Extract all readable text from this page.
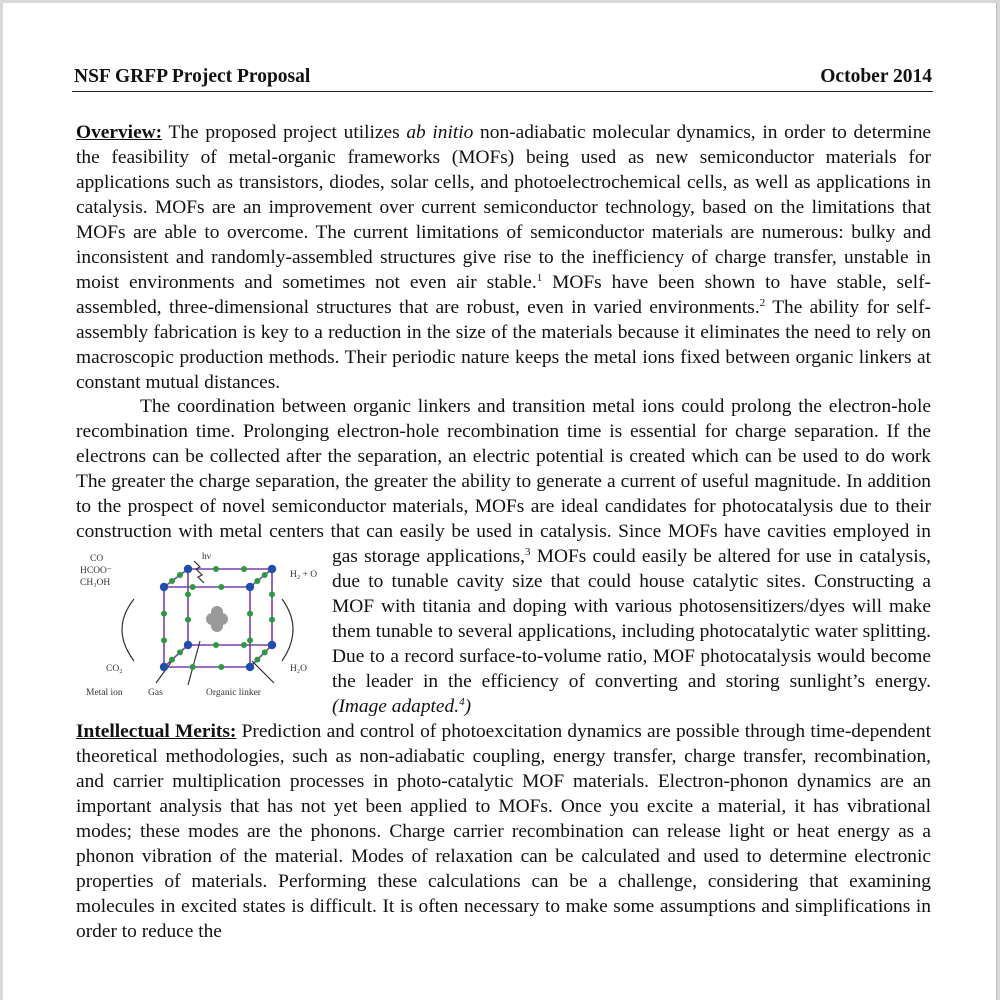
NSF GRFP Project Proposal	October 2014

Overview: The proposed project utilizes ab initio non-adiabatic molecular dynamics, in order to determine the feasibility of metal-organic frameworks (MOFs) being used as new semiconductor materials for applications such as transistors, diodes, solar cells, and photoelectrochemical cells, as well as applications in catalysis. MOFs are an improvement over current semiconductor technology, based on the limitations that MOFs are able to overcome. The current limitations of semiconductor materials are numerous: bulky and inconsistent and randomly-assembled structures give rise to the inefficiency of charge transfer, unstable in moist environments and sometimes not even air stable.$^1$ MOFs have been shown to have stable, self-assembled, three-dimensional structures that are robust, even in varied environments.$^2$ The ability for self-assembly fabrication is key to a reduction in the size of the materials because it eliminates the need to rely on macroscopic production methods. Their periodic nature keeps the metal ions fixed between organic linkers at constant mutual distances.

The coordination between organic linkers and transition metal ions could prolong the electron-hole recombination time. Prolonging electron-hole recombination time is essential for charge separation. If the electrons can be collected after the separation, an electric potential is created which can be used to do work The greater the charge separation, the greater the ability to generate a current of useful magnitude. In addition to the prospect of novel semiconductor materials, MOFs are ideal candidates for photocatalysis due to their construction with metal centers that can easily be used in catalysis. Since MOFs have cavities employed in gas storage
CO
HCOO⁻
CH₃OH
hν
H₂ + O
CO₂	H₂O
Metal ion	Gas	Organic linker
applications,$^3$ MOFs could easily be altered for use in catalysis, due to tunable cavity size that could house catalytic sites. Constructing a MOF with titania and doping with various photosensitizers/dyes will make them tunable to several applications, including photocatalytic water splitting. Due to a record surface-to-volume ratio, MOF photocatalysis would become the leader in the efficiency of converting and storing sunlight’s energy. (Image adapted.$^4$)

Intellectual Merits: Prediction and control of photoexcitation dynamics are possible through time-dependent theoretical methodologies, such as non-adiabatic coupling, energy transfer, charge transfer, recombination, and carrier multiplication processes in photo-catalytic MOF materials. Electron-phonon dynamics are an important analysis that has not yet been applied to MOFs. Once you excite a material, it has vibrational modes; these modes are the phonons. Charge carrier recombination can release light or heat energy as a phonon vibration of the material. Modes of relaxation can be calculated and used to determine electronic properties of materials. Performing these calculations can be a challenge, considering that examining molecules in excited states is difficult. It is often necessary to make some assumptions and simplifications in order to reduce the
